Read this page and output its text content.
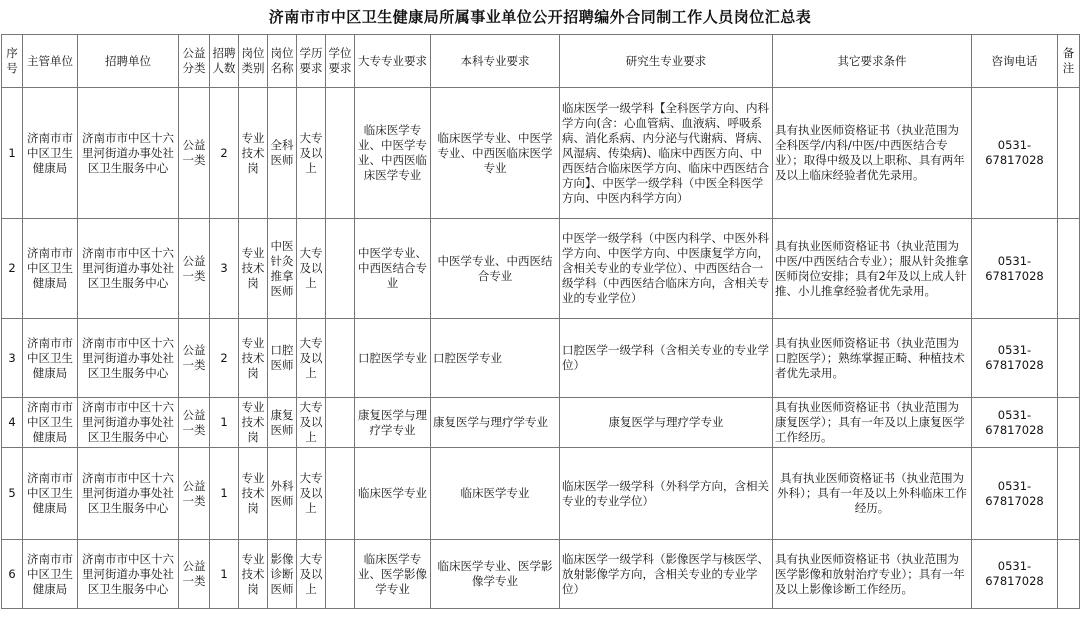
济南市市中区卫生健康局所属事业单位公开招聘编外合同制工作人员岗位汇总表
序号	主管单位	招聘单位	公益分类	招聘人数	岗位类别	岗位名称	学历要求	学位要求	大专专业要求	本科专业要求	研究生专业要求	其它要求条件	咨询电话	备注
1	济南市市中区卫生健康局	济南市市中区十六里河街道办事处社区卫生服务中心	公益一类	2	专业技术岗	全科医师	大专及以上		临床医学专业、中医学专业、中西医临床医学专业	临床医学专业、中医学专业、中西医临床医学专业	临床医学一级学科【全科医学方向、内科学方向(含：心血管病、血液病、呼吸系病、消化系病、内分泌与代谢病、肾病、风湿病、传染病)、临床中西医方向、中西医结合临床医学方向、临床中西医结合方向】、中医学一级学科（中医全科医学方向、中医内科学方向）	具有执业医师资格证书（执业范围为全科医学/内科/中医/中西医结合专业）；取得中级及以上职称、具有两年及以上临床经验者优先录用。	0531-67817028	
2	济南市市中区卫生健康局	济南市市中区十六里河街道办事处社区卫生服务中心	公益一类	3	专业技术岗	中医针灸推拿医师	大专及以上		中医学专业、中西医结合专业	中医学专业、中西医结合专业	中医学一级学科（中医内科学、中医外科学方向、中医学方向、中医康复学方向，含相关专业的专业学位）、中西医结合一级学科（中西医结合临床方向，含相关专业的专业学位）	具有执业医师资格证书（执业范围为中医/中西医结合专业）；服从针灸推拿医师岗位安排；具有2年及以上成人针推、小儿推拿经验者优先录用。	0531-67817028	
3	济南市市中区卫生健康局	济南市市中区十六里河街道办事处社区卫生服务中心	公益一类	2	专业技术岗	口腔医师	大专及以上		口腔医学专业	口腔医学专业	口腔医学一级学科（含相关专业的专业学位）	具有执业医师资格证书（执业范围为口腔医学）；熟练掌握正畸、种植技术者优先录用。	0531-67817028	
4	济南市市中区卫生健康局	济南市市中区十六里河街道办事处社区卫生服务中心	公益一类	1	专业技术岗	康复医师	大专及以上		康复医学与理疗学专业	康复医学与理疗学专业	康复医学与理疗学专业	具有执业医师资格证书（执业范围为康复医学）；具有一年及以上康复医学工作经历。	0531-67817028	
5	济南市市中区卫生健康局	济南市市中区十六里河街道办事处社区卫生服务中心	公益一类	1	专业技术岗	外科医师	大专及以上		临床医学专业	临床医学专业	临床医学一级学科（外科学方向，含相关专业的专业学位）	具有执业医师资格证书（执业范围为外科）；具有一年及以上外科临床工作经历。	0531-67817028	
6	济南市市中区卫生健康局	济南市市中区十六里河街道办事处社区卫生服务中心	公益一类	1	专业技术岗	影像诊断医师	大专及以上		临床医学专业、医学影像学专业	临床医学专业、医学影像学专业	临床医学一级学科（影像医学与核医学、放射影像学方向，含相关专业的专业学位）	具有执业医师资格证书（执业范围为医学影像和放射治疗专业）；具有一年及以上影像诊断工作经历。	0531-67817028	
